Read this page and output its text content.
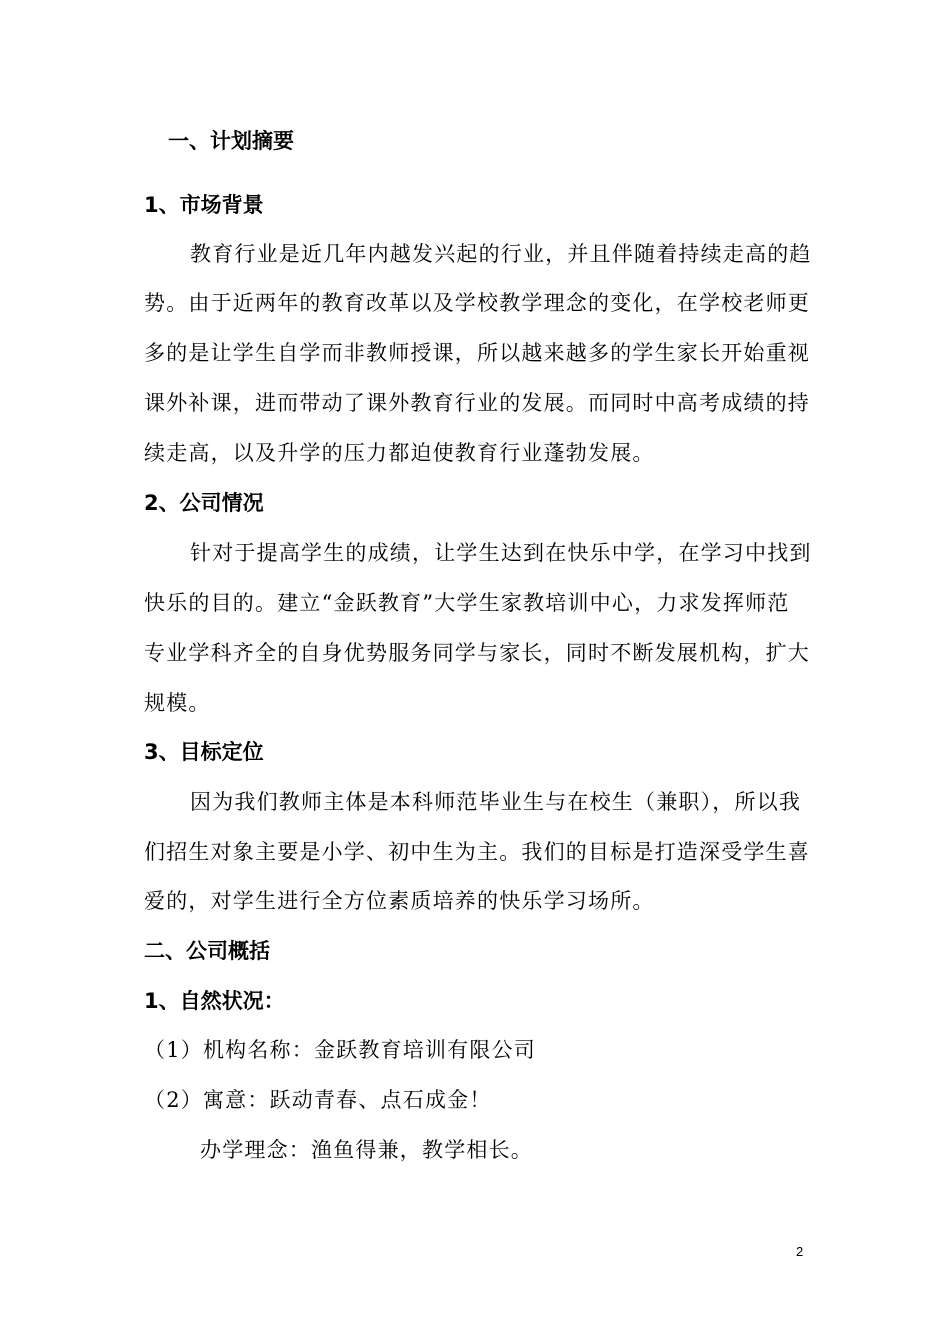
一、计划摘要
1、市场背景
教育行业是近几年内越发兴起的行业，并且伴随着持续走高的趋
势。由于近两年的教育改革以及学校教学理念的变化，在学校老师更
多的是让学生自学而非教师授课，所以越来越多的学生家长开始重视
课外补课，进而带动了课外教育行业的发展。而同时中高考成绩的持
续走高，以及升学的压力都迫使教育行业蓬勃发展。
2、公司情况
针对于提高学生的成绩，让学生达到在快乐中学，在学习中找到
快乐的目的。建立“金跃教育”大学生家教培训中心，力求发挥师范
专业学科齐全的自身优势服务同学与家长，同时不断发展机构，扩大
规模。
3、目标定位
因为我们教师主体是本科师范毕业生与在校生（兼职），所以我
们招生对象主要是小学、初中生为主。我们的目标是打造深受学生喜
爱的，对学生进行全方位素质培养的快乐学习场所。
二、公司概括
1、自然状况：
（1）机构名称：金跃教育培训有限公司
（2）寓意：跃动青春、点石成金！
办学理念：渔鱼得兼，教学相长。
2
